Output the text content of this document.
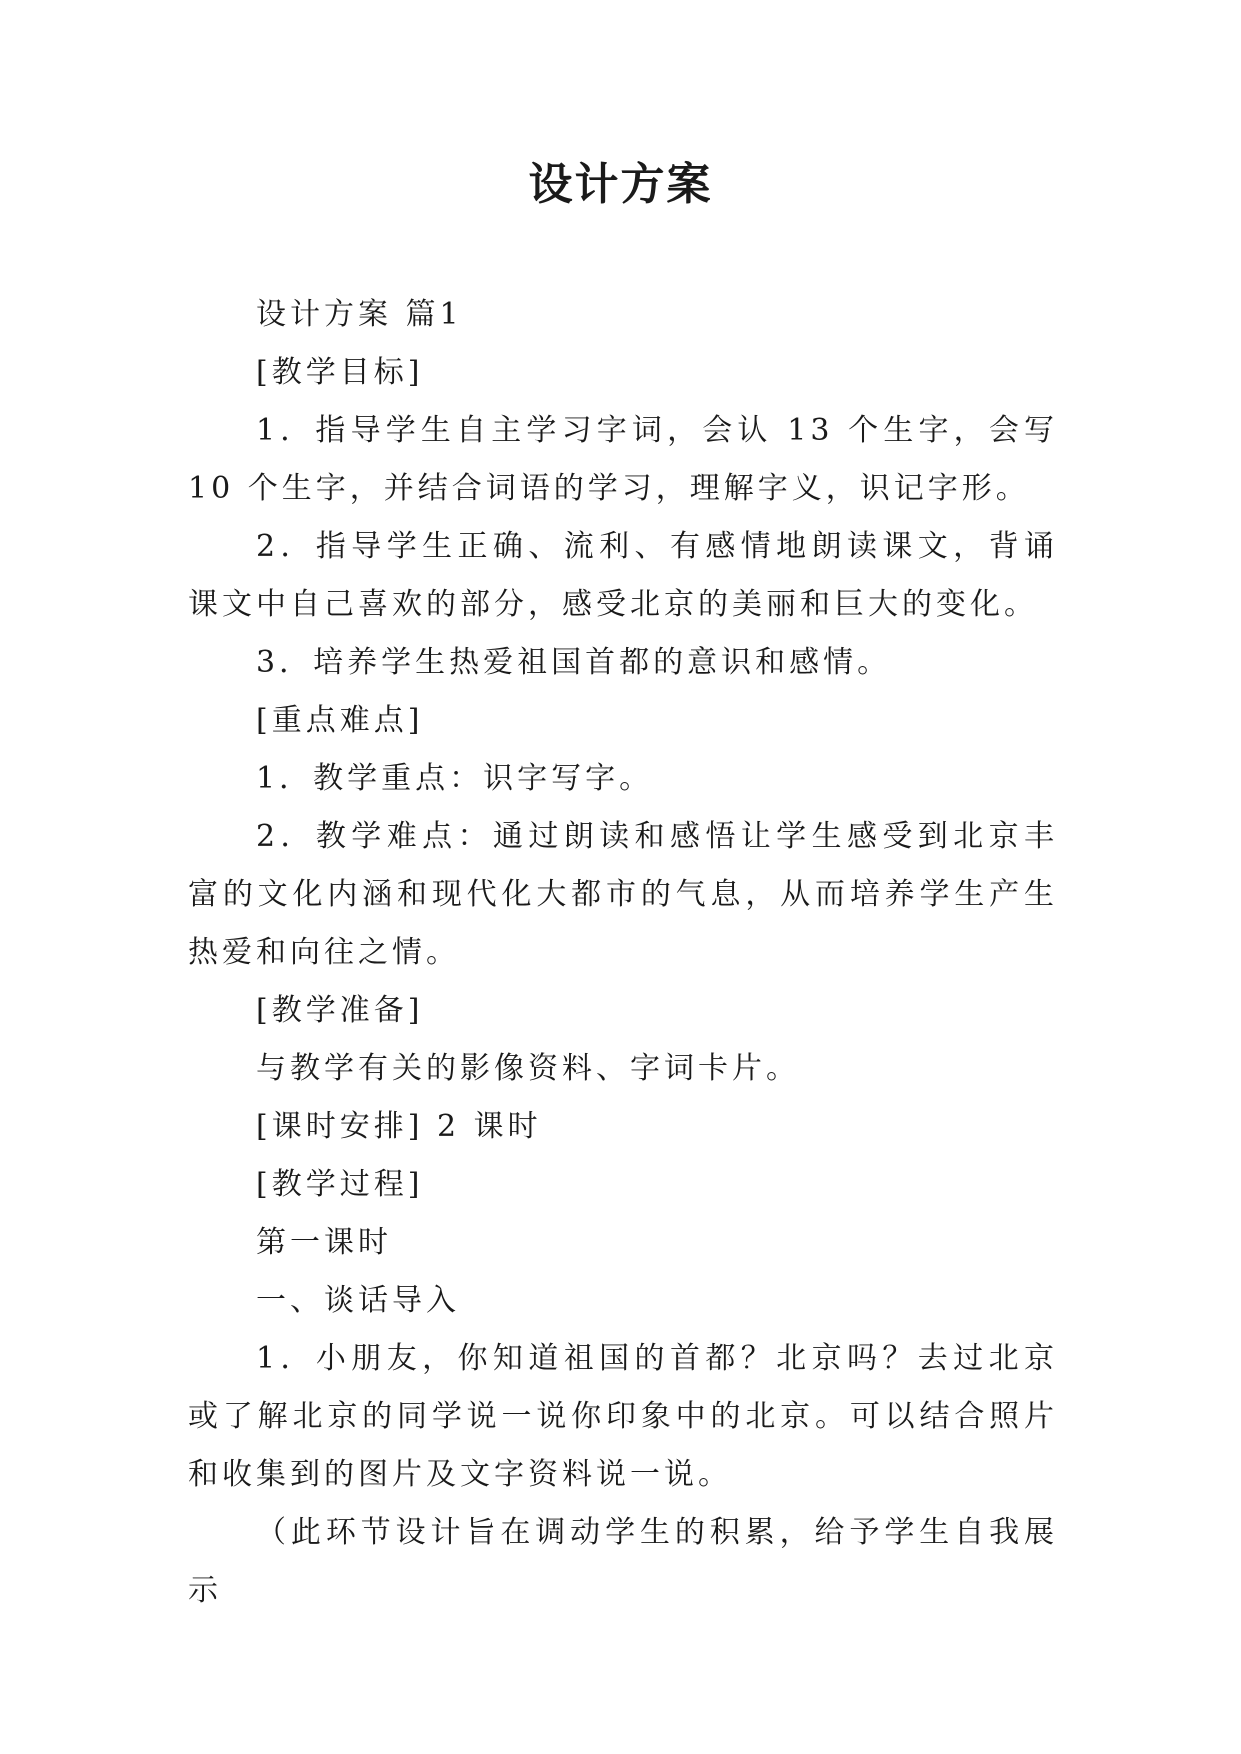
设计方案

设计方案 篇1

[教学目标]

1．指导学生自主学习字词，会认 13 个生字，会写 10 个生字，并结合词语的学习，理解字义，识记字形。

2．指导学生正确、流利、有感情地朗读课文，背诵课文中自己喜欢的部分，感受北京的美丽和巨大的变化。

3．培养学生热爱祖国首都的意识和感情。

[重点难点]

1．教学重点：识字写字。

2．教学难点：通过朗读和感悟让学生感受到北京丰富的文化内涵和现代化大都市的气息，从而培养学生产生热爱和向往之情。

[教学准备]

与教学有关的影像资料、字词卡片。

[课时安排] 2 课时

[教学过程]

第一课时

一、谈话导入

1．小朋友，你知道祖国的首都？北京吗？去过北京或了解北京的同学说一说你印象中的北京。可以结合照片和收集到的图片及文字资料说一说。

（此环节设计旨在调动学生的积累，给予学生自我展示
